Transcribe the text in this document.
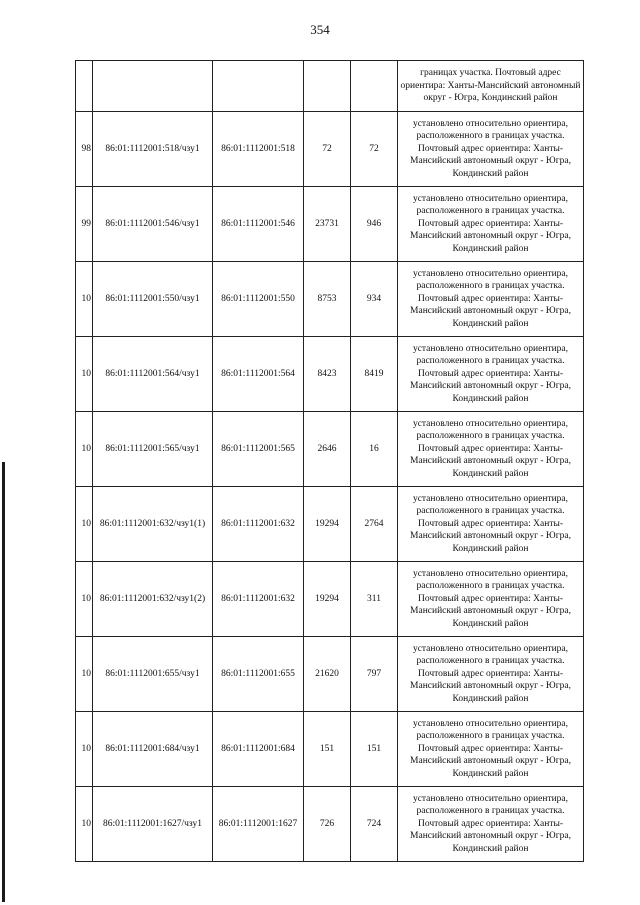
354
					границах участка. Почтовый адрес ориентира: Ханты-Мансийский автономный округ - Югра, Кондинский район
98	86:01:1112001:518/чзу1	86:01:1112001:518	72	72	установлено относительно ориентира, расположенного в границах участка. Почтовый адрес ориентира: Ханты-Мансийский автономный округ - Югра, Кондинский район
99	86:01:1112001:546/чзу1	86:01:1112001:546	23731	946	установлено относительно ориентира, расположенного в границах участка. Почтовый адрес ориентира: Ханты-Мансийский автономный округ - Югра, Кондинский район
10	86:01:1112001:550/чзу1	86:01:1112001:550	8753	934	установлено относительно ориентира, расположенного в границах участка. Почтовый адрес ориентира: Ханты-Мансийский автономный округ - Югра, Кондинский район
10	86:01:1112001:564/чзу1	86:01:1112001:564	8423	8419	установлено относительно ориентира, расположенного в границах участка. Почтовый адрес ориентира: Ханты-Мансийский автономный округ - Югра, Кондинский район
10	86:01:1112001:565/чзу1	86:01:1112001:565	2646	16	установлено относительно ориентира, расположенного в границах участка. Почтовый адрес ориентира: Ханты-Мансийский автономный округ - Югра, Кондинский район
10	86:01:1112001:632/чзу1(1)	86:01:1112001:632	19294	2764	установлено относительно ориентира, расположенного в границах участка. Почтовый адрес ориентира: Ханты-Мансийский автономный округ - Югра, Кондинский район
10	86:01:1112001:632/чзу1(2)	86:01:1112001:632	19294	311	установлено относительно ориентира, расположенного в границах участка. Почтовый адрес ориентира: Ханты-Мансийский автономный округ - Югра, Кондинский район
10	86:01:1112001:655/чзу1	86:01:1112001:655	21620	797	установлено относительно ориентира, расположенного в границах участка. Почтовый адрес ориентира: Ханты-Мансийский автономный округ - Югра, Кондинский район
10	86:01:1112001:684/чзу1	86:01:1112001:684	151	151	установлено относительно ориентира, расположенного в границах участка. Почтовый адрес ориентира: Ханты-Мансийский автономный округ - Югра, Кондинский район
10	86:01:1112001:1627/чзу1	86:01:1112001:1627	726	724	установлено относительно ориентира, расположенного в границах участка. Почтовый адрес ориентира: Ханты-Мансийский автономный округ - Югра, Кондинский район
